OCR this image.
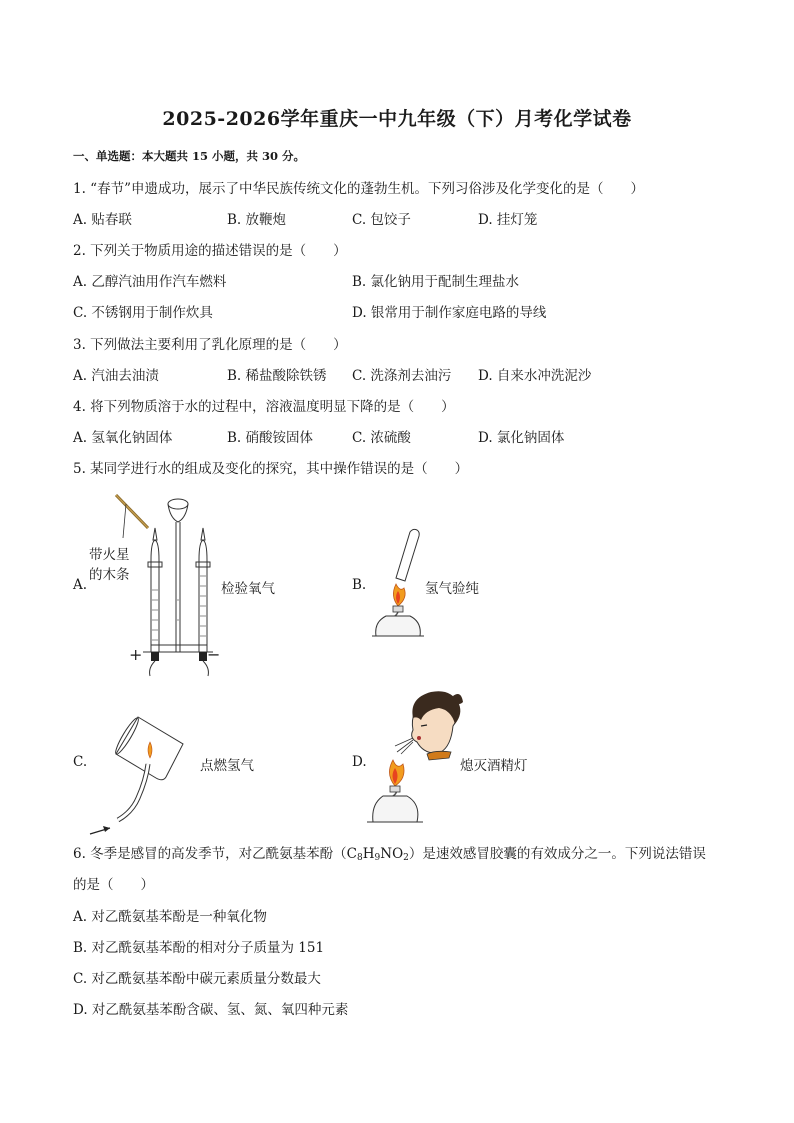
2025-2026学年重庆一中九年级（下）月考化学试卷
一、单选题：本大题共 15 小题，共 30 分。
1. “春节”申遗成功，展示了中华民族传统文化的蓬勃生机。下列习俗涉及化学变化的是（　　）
A. 贴春联	B. 放鞭炮	C. 包饺子	D. 挂灯笼
2. 下列关于物质用途的描述错误的是（　　）
A. 乙醇汽油用作汽车燃料	B. 氯化钠用于配制生理盐水
C. 不锈钢用于制作炊具	D. 银常用于制作家庭电路的导线
3. 下列做法主要利用了乳化原理的是（　　）
A. 汽油去油渍	B. 稀盐酸除铁锈 C. 洗涤剂去油污 D. 自来水冲洗泥沙
4. 将下列物质溶于水的过程中，溶液温度明显下降的是（　　）
A. 氢氧化钠固体	B. 硝酸铵固体	C. 浓硫酸	D. 氯化钠固体
5. 某同学进行水的组成及变化的探究，其中操作错误的是（　　）
A.
带火星
的木条
+	−
检验氧气	B.	氢气验纯
C.	点燃氢气	D.	熄灭酒精灯
6. 冬季是感冒的高发季节，对乙酰氨基苯酚$(C_8H_9NO_2)$是速效感冒胶囊的有效成分之一。下列说法错误
的是（　　）
A. 对乙酰氨基苯酚是一种氧化物
B. 对乙酰氨基苯酚的相对分子质量为 151
C. 对乙酰氨基苯酚中碳元素质量分数最大
D. 对乙酰氨基苯酚含碳、氢、氮、氧四种元素
